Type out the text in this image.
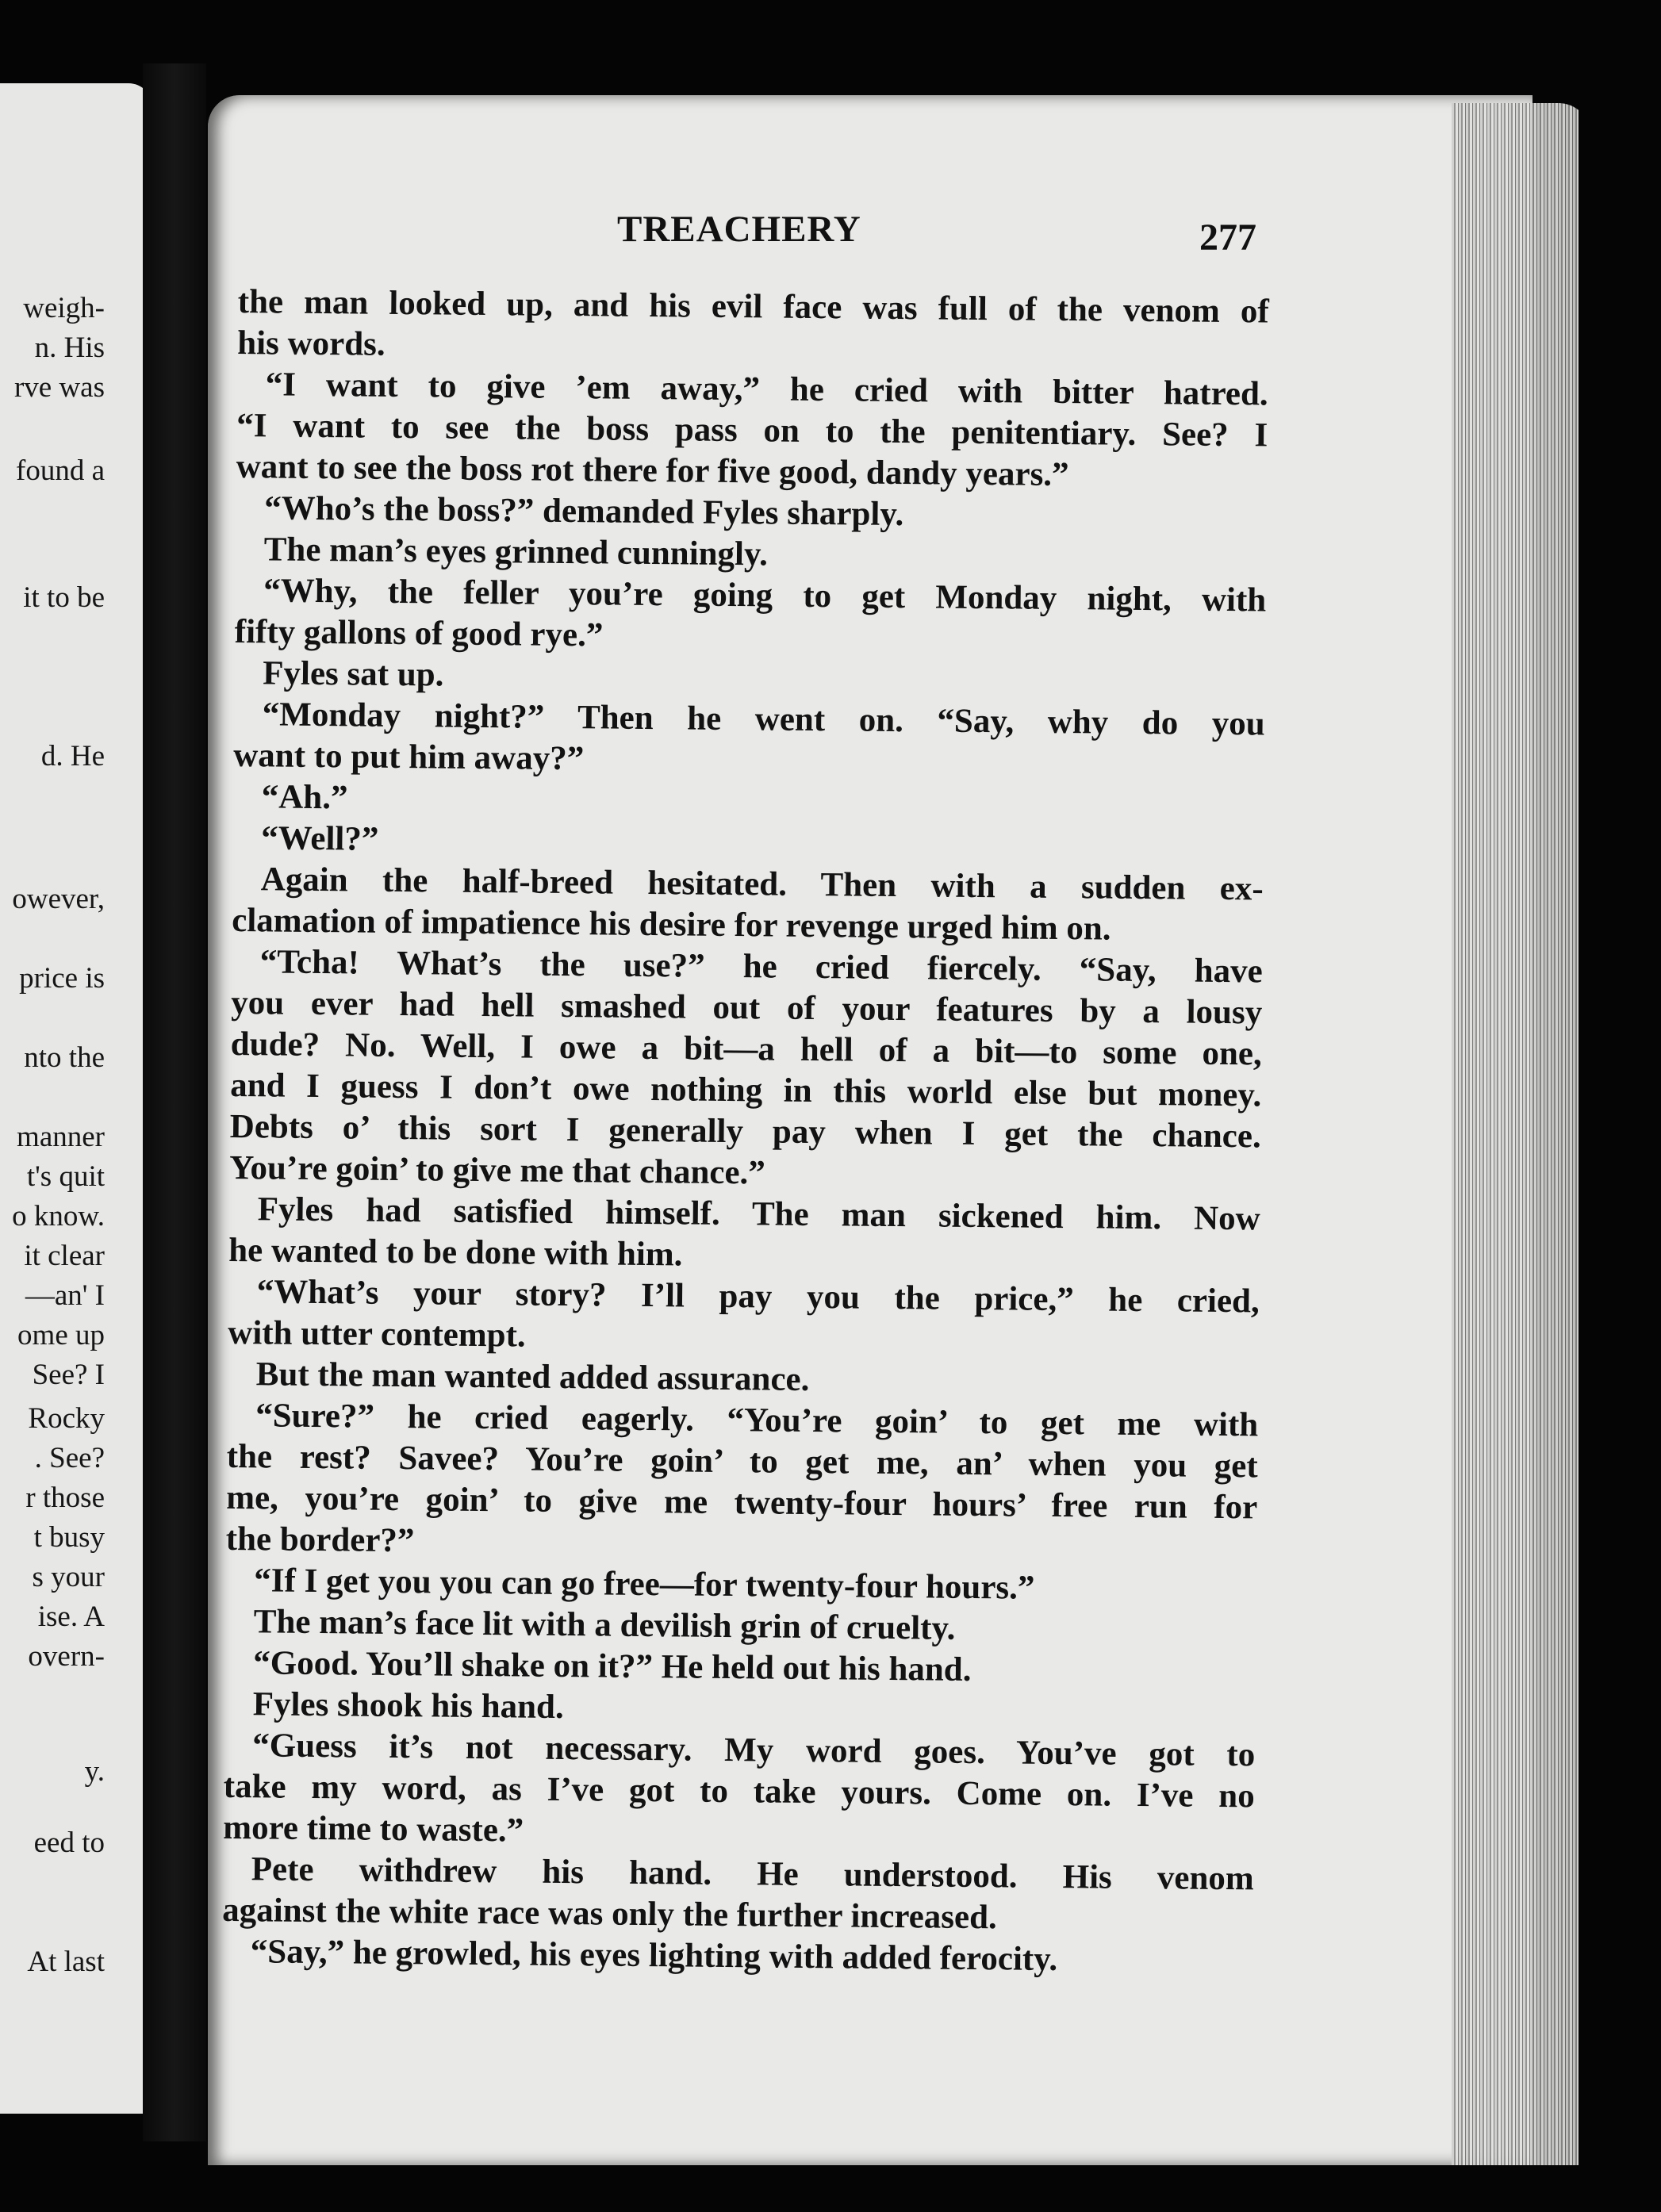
weigh-
n. His
rve was
found a
it to be
d. He
owever,
price is
nto the
manner
t's quit
o know.
it clear
—an' I
ome up
See? I
Rocky
. See?
r those
t busy
s your
ise. A
overn-
y.
eed to
At last
TREACHERY	277
the man looked up, and his evil face was full of the venom of
his words.
“I want to give ’em away,” he cried with bitter hatred.
“I want to see the boss pass on to the penitentiary. See? I
want to see the boss rot there for five good, dandy years.”
“Who’s the boss?” demanded Fyles sharply.
The man’s eyes grinned cunningly.
“Why, the feller you’re going to get Monday night, with
fifty gallons of good rye.”
Fyles sat up.
“Monday night?” Then he went on. “Say, why do you
want to put him away?”
“Ah.”
“Well?”
Again the half-breed hesitated. Then with a sudden ex-
clamation of impatience his desire for revenge urged him on.
“Tcha! What’s the use?” he cried fiercely. “Say, have
you ever had hell smashed out of your features by a lousy
dude? No. Well, I owe a bit—a hell of a bit—to some one,
and I guess I don’t owe nothing in this world else but money.
Debts o’ this sort I generally pay when I get the chance.
You’re goin’ to give me that chance.”
Fyles had satisfied himself. The man sickened him. Now
he wanted to be done with him.
“What’s your story? I’ll pay you the price,” he cried,
with utter contempt.
But the man wanted added assurance.
“Sure?” he cried eagerly. “You’re goin’ to get me with
the rest? Savee? You’re goin’ to get me, an’ when you get
me, you’re goin’ to give me twenty-four hours’ free run for
the border?”
“If I get you you can go free—for twenty-four hours.”
The man’s face lit with a devilish grin of cruelty.
“Good. You’ll shake on it?” He held out his hand.
Fyles shook his hand.
“Guess it’s not necessary. My word goes. You’ve got to
take my word, as I’ve got to take yours. Come on. I’ve no
more time to waste.”
Pete withdrew his hand. He understood. His venom
against the white race was only the further increased.
“Say,” he growled, his eyes lighting with added ferocity.
